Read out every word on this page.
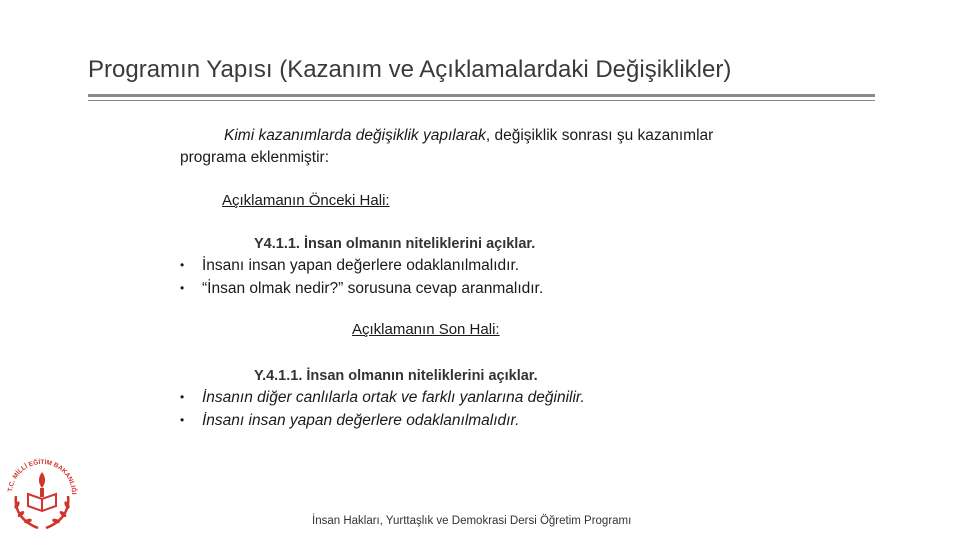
Programın Yapısı (Kazanım ve Açıklamalardaki Değişiklikler)

Kimi kazanımlarda değişiklik yapılarak, değişiklik sonrası şu kazanımlar programa eklenmiştir:

Açıklamanın Önceki Hali:

Y4.1.1. İnsan olmanın niteliklerini açıklar.

• İnsanı insan yapan değerlere odaklanılmalıdır.
• “İnsan olmak nedir?” sorusuna cevap aranmalıdır.

Açıklamanın Son Hali:

Y.4.1.1. İnsan olmanın niteliklerini açıklar.

• İnsanın diğer canlılarla ortak ve farklı yanlarına değinilir.
• İnsanı insan yapan değerlere odaklanılmalıdır.

İnsan Hakları, Yurttaşlık ve Demokrasi Dersi Öğretim Programı

T.C. MİLLÎ EĞİTİM BAKANLIĞI
